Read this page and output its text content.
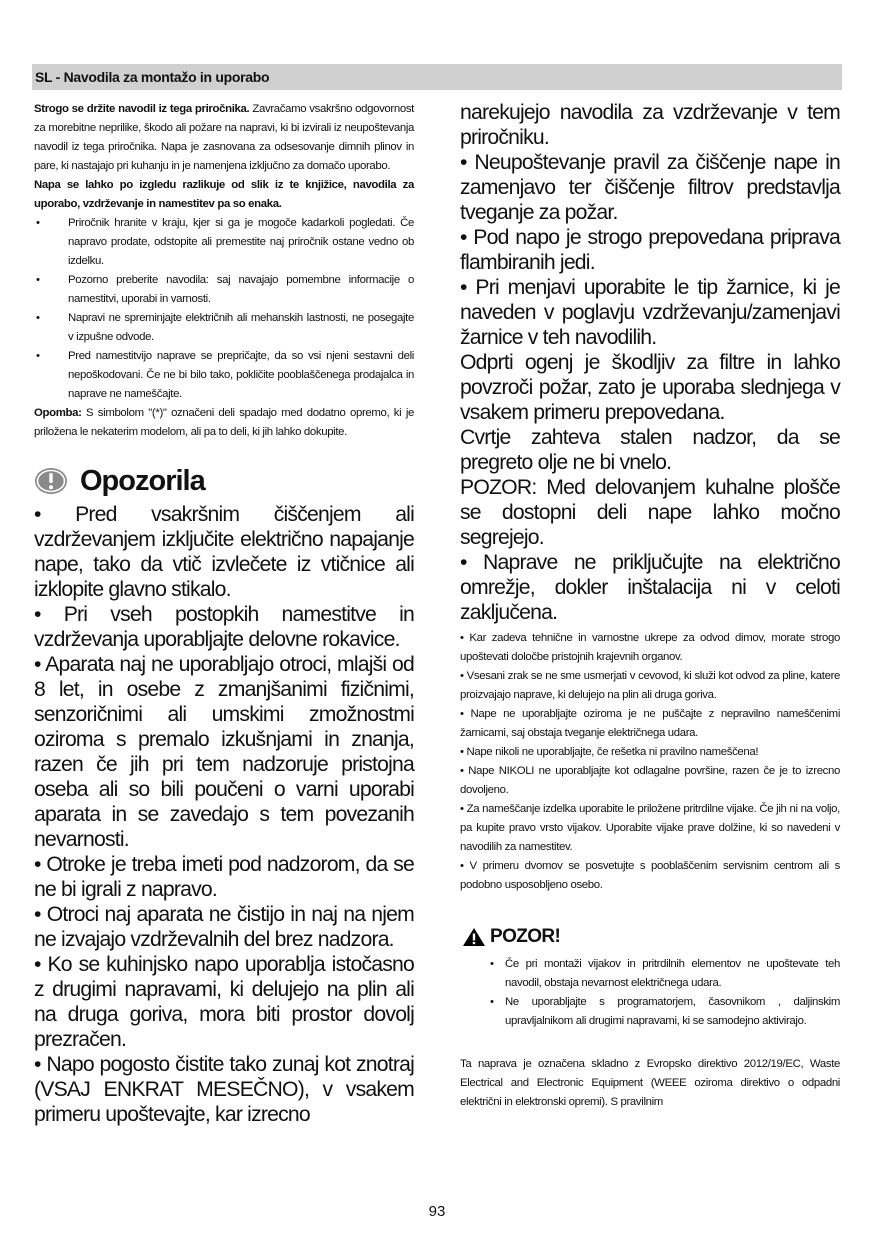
SL - Navodila za montažo in uporabo

Strogo se držite navodil iz tega priročnika. Zavračamo vsakršno odgovornost za morebitne neprilike, škodo ali požare na napravi, ki bi izvirali iz neupoštevanja navodil iz tega priročnika. Napa je zasnovana za odsesovanje dimnih plinov in pare, ki nastajajo pri kuhanju in je namenjena izključno za domačo uporabo.

Napa se lahko po izgledu razlikuje od slik iz te knjižice, navodila za uporabo, vzdrževanje in namestitev pa so enaka.

• Priročnik hranite v kraju, kjer si ga je mogoče kadarkoli pogledati. Če napravo prodate, odstopite ali premestite naj priročnik ostane vedno ob izdelku.
• Pozorno preberite navodila: saj navajajo pomembne informacije o namestitvi, uporabi in varnosti.
• Napravi ne spreminjajte električnih ali mehanskih lastnosti, ne posegajte v izpušne odvode.
• Pred namestitvijo naprave se prepričajte, da so vsi njeni sestavni deli nepoškodovani. Če ne bi bilo tako, pokličite pooblaščenega prodajalca in naprave ne nameščajte.

Opomba: S simbolom "(*)" označeni deli spadajo med dodatno opremo, ki je priložena le nekaterim modelom, ali pa to deli, ki jih lahko dokupite.

Opozorila

• Pred vsakršnim čiščenjem ali vzdrževanjem izključite električno napajanje nape, tako da vtič izvlečete iz vtičnice ali izklopite glavno stikalo.

• Pri vseh postopkih namestitve in vzdrževanja uporabljajte delovne rokavice.

• Aparata naj ne uporabljajo otroci, mlajši od 8 let, in osebe z zmanjšanimi fizičnimi, senzoričnimi ali umskimi zmožnostmi oziroma s premalo izkušnjami in znanja, razen če jih pri tem nadzoruje pristojna oseba ali so bili poučeni o varni uporabi aparata in se zavedajo s tem povezanih nevarnosti.

• Otroke je treba imeti pod nadzorom, da se ne bi igrali z napravo.

• Otroci naj aparata ne čistijo in naj na njem ne izvajajo vzdrževalnih del brez nadzora.

• Ko se kuhinjsko napo uporablja istočasno z drugimi napravami, ki delujejo na plin ali na druga goriva, mora biti prostor dovolj prezračen.

• Napo pogosto čistite tako zunaj kot znotraj (VSAJ ENKRAT MESEČNO), v vsakem primeru upoštevajte, kar izrecno

narekujejo navodila za vzdrževanje v tem priročniku.

• Neupoštevanje pravil za čiščenje nape in zamenjavo ter čiščenje filtrov predstavlja tveganje za požar.

• Pod napo je strogo prepovedana priprava flambiranih jedi.

• Pri menjavi uporabite le tip žarnice, ki je naveden v poglavju vzdrževanju/zamenjavi žarnice v teh navodilih.

Odprti ogenj je škodljiv za filtre in lahko povzroči požar, zato je uporaba slednjega v vsakem primeru prepovedana.

Cvrtje zahteva stalen nadzor, da se pregreto olje ne bi vnelo.

POZOR: Med delovanjem kuhalne plošče se dostopni deli nape lahko močno segrejejo.

• Naprave ne priključujte na električno omrežje, dokler inštalacija ni v celoti zaključena.

• Kar zadeva tehnične in varnostne ukrepe za odvod dimov, morate strogo upoštevati določbe pristojnih krajevnih organov.

• Vsesani zrak se ne sme usmerjati v cevovod, ki služi kot odvod za pline, katere proizvajajo naprave, ki delujejo na plin ali druga goriva.

• Nape ne uporabljajte oziroma je ne puščajte z nepravilno nameščenimi žarnicami, saj obstaja tveganje električnega udara.

• Nape nikoli ne uporabljajte, če rešetka ni pravilno nameščena!

• Nape NIKOLI ne uporabljajte kot odlagalne površine, razen če je to izrecno dovoljeno.

• Za nameščanje izdelka uporabite le priložene pritrdilne vijake. Če jih ni na voljo, pa kupite pravo vrsto vijakov. Uporabite vijake prave dolžine, ki so navedeni v navodilih za namestitev.

• V primeru dvomov se posvetujte s pooblaščenim servisnim centrom ali s podobno usposobljeno osebo.

POZOR!
• Če pri montaži vijakov in pritrdilnih elementov ne upoštevate teh navodil, obstaja nevarnost električnega udara.
• Ne uporabljajte s programatorjem, časovnikom , daljinskim upravljalnikom ali drugimi napravami, ki se samodejno aktivirajo.

Ta naprava je označena skladno z Evropsko direktivo 2012/19/EC, Waste Electrical and Electronic Equipment (WEEE oziroma direktivo o odpadni električni in elektronski opremi). S pravilnim

93
